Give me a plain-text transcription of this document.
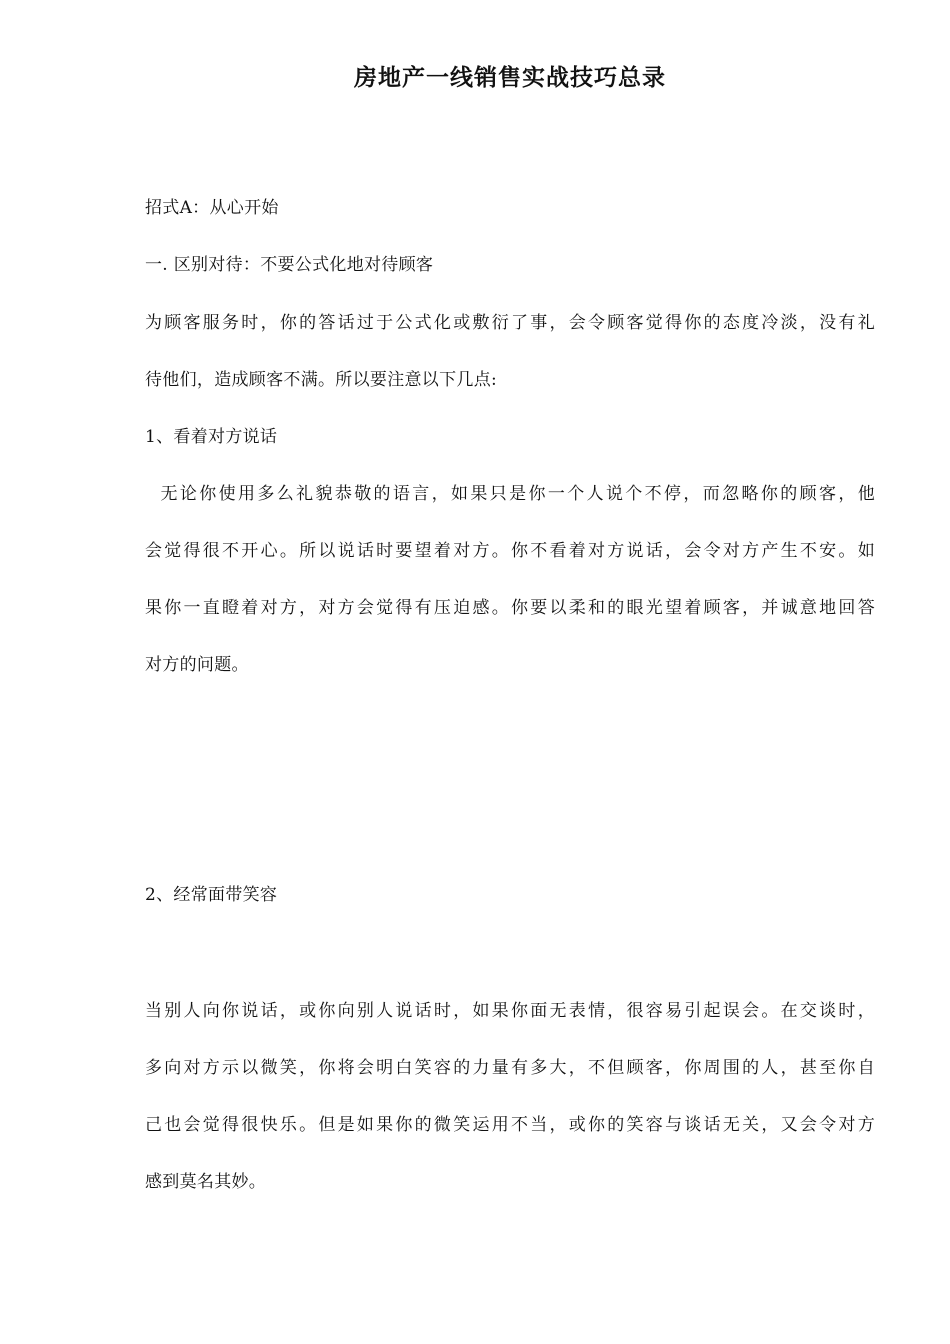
房地产一线销售实战技巧总录
招式A：从心开始
一. 区别对待：不要公式化地对待顾客
为顾客服务时，你的答话过于公式化或敷衍了事，会令顾客觉得你的态度冷淡，没有礼
待他们，造成顾客不满。所以要注意以下几点:
1、看着对方说话
无论你使用多么礼貌恭敬的语言，如果只是你一个人说个不停，而忽略你的顾客，他
会觉得很不开心。所以说话时要望着对方。你不看着对方说话，会令对方产生不安。如
果你一直瞪着对方，对方会觉得有压迫感。你要以柔和的眼光望着顾客，并诚意地回答
对方的问题。
2、经常面带笑容
当别人向你说话，或你向别人说话时，如果你面无表情，很容易引起误会。在交谈时，
多向对方示以微笑，你将会明白笑容的力量有多大，不但顾客，你周围的人，甚至你自
己也会觉得很快乐。但是如果你的微笑运用不当，或你的笑容与谈话无关，又会令对方
感到莫名其妙。
